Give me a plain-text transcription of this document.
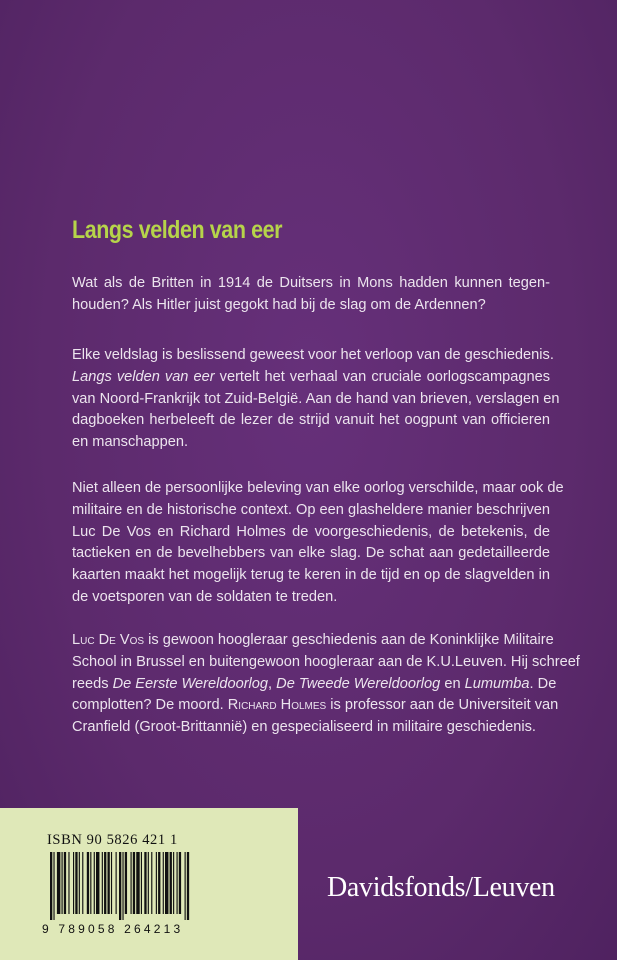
Langs velden van eer
Wat als de Britten in 1914 de Duitsers in Mons hadden kunnen tegen-
houden? Als Hitler juist gegokt had bij de slag om de Ardennen?
Elke veldslag is beslissend geweest voor het verloop van de geschiedenis.
Langs velden van eer vertelt het verhaal van cruciale oorlogscampagnes
van Noord-Frankrijk tot Zuid-België. Aan de hand van brieven, verslagen en
dagboeken herbeleeft de lezer de strijd vanuit het oogpunt van officieren
en manschappen.
Niet alleen de persoonlijke beleving van elke oorlog verschilde, maar ook de
militaire en de historische context. Op een glasheldere manier beschrijven
Luc De Vos en Richard Holmes de voorgeschiedenis, de betekenis, de
tactieken en de bevelhebbers van elke slag. De schat aan gedetailleerde
kaarten maakt het mogelijk terug te keren in de tijd en op de slagvelden in
de voetsporen van de soldaten te treden.
Luc De Vos is gewoon hoogleraar geschiedenis aan de Koninklijke Militaire
School in Brussel en buitengewoon hoogleraar aan de K.U.Leuven. Hij schreef
reeds De Eerste Wereldoorlog, De Tweede Wereldoorlog en Lumumba. De
complotten? De moord. Richard Holmes is professor aan de Universiteit van
Cranfield (Groot-Brittannië) en gespecialiseerd in militaire geschiedenis.
ISBN 90 5826 421 1
9 789058 264213
Davidsfonds/Leuven
